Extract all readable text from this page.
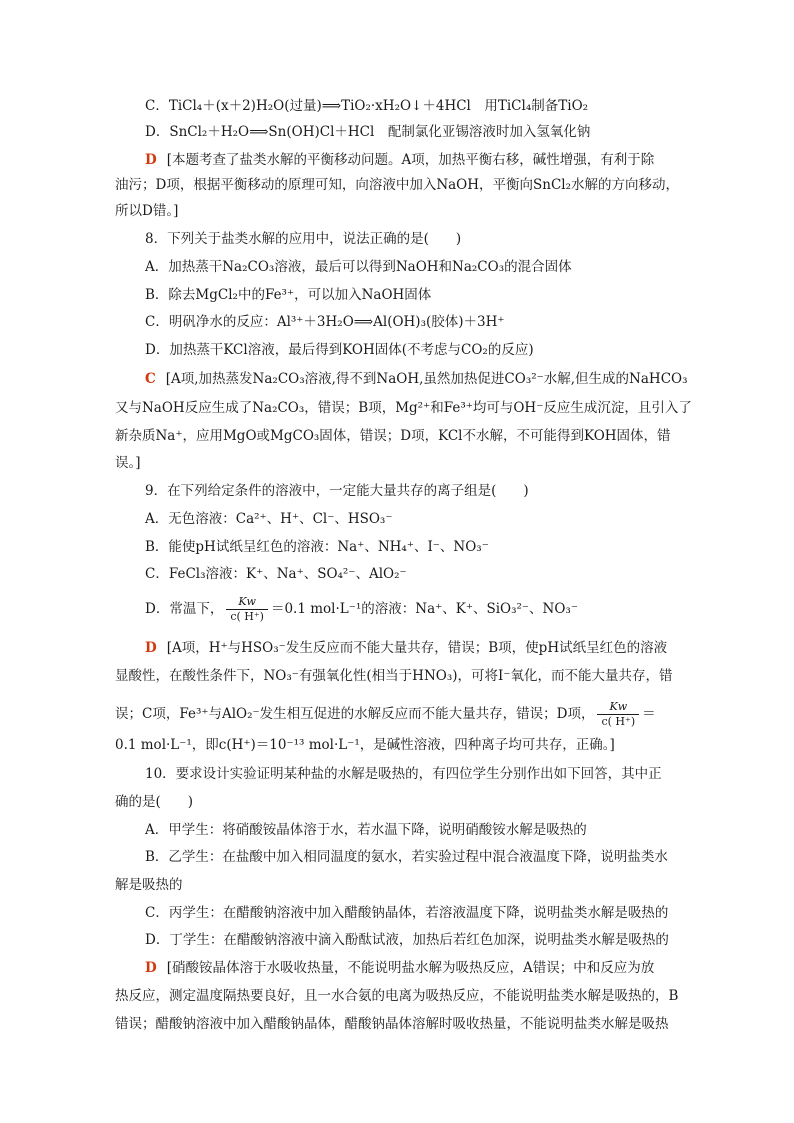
C．TiCl₄＋(x＋2)H₂O(过量)⟹TiO₂·xH₂O↓＋4HCl　用TiCl₄制备TiO₂
D．SnCl₂＋H₂O⟹Sn(OH)Cl＋HCl　配制氯化亚锡溶液时加入氢氧化钠
D [本题考查了盐类水解的平衡移动问题。A项，加热平衡右移，碱性增强，有利于除
油污；D项，根据平衡移动的原理可知，向溶液中加入NaOH，平衡向SnCl₂水解的方向移动，
所以D错。]
8．下列关于盐类水解的应用中，说法正确的是(　　)
A．加热蒸干Na₂CO₃溶液，最后可以得到NaOH和Na₂CO₃的混合固体
B．除去MgCl₂中的Fe³⁺，可以加入NaOH固体
C．明矾净水的反应：Al³⁺＋3H₂O⟹Al(OH)₃(胶体)＋3H⁺
D．加热蒸干KCl溶液，最后得到KOH固体(不考虑与CO₂的反应)
C [A项,加热蒸发Na₂CO₃溶液,得不到NaOH,虽然加热促进CO₃²⁻水解,但生成的NaHCO₃
又与NaOH反应生成了Na₂CO₃，错误；B项，Mg²⁺和Fe³⁺均可与OH⁻反应生成沉淀，且引入了
新杂质Na⁺，应用MgO或MgCO₃固体，错误；D项，KCl不水解，不可能得到KOH固体，错
误。]
9．在下列给定条件的溶液中，一定能大量共存的离子组是(　　)
A．无色溶液：Ca²⁺、H⁺、Cl⁻、HSO₃⁻
B．能使pH试纸呈红色的溶液：Na⁺、NH₄⁺、I⁻、NO₃⁻
C．FeCl₃溶液：K⁺、Na⁺、SO₄²⁻、AlO₂⁻
D．常温下， $\frac{Kw}{c( H^+)} =0.1$ mol·L⁻¹的溶液：Na⁺、K⁺、SiO₃²⁻、NO₃⁻
D [A项，H⁺与HSO₃⁻发生反应而不能大量共存，错误；B项，使pH试纸呈红色的溶液
显酸性，在酸性条件下，NO₃⁻有强氧化性(相当于HNO₃)，可将I⁻氧化，而不能大量共存，错
误；C项，Fe³⁺与AlO₂⁻发生相互促进的水解反应而不能大量共存，错误；D项， $\frac{Kw}{c( H^+)}$ ＝
0.1 mol·L⁻¹，即c(H⁺)＝10⁻¹³ mol·L⁻¹，是碱性溶液，四种离子均可共存，正确。]
10．要求设计实验证明某种盐的水解是吸热的，有四位学生分别作出如下回答，其中正
确的是(　　)
A．甲学生：将硝酸铵晶体溶于水，若水温下降，说明硝酸铵水解是吸热的
B．乙学生：在盐酸中加入相同温度的氨水，若实验过程中混合液温度下降，说明盐类水
解是吸热的
C．丙学生：在醋酸钠溶液中加入醋酸钠晶体，若溶液温度下降，说明盐类水解是吸热的
D．丁学生：在醋酸钠溶液中滴入酚酞试液，加热后若红色加深，说明盐类水解是吸热的
D [硝酸铵晶体溶于水吸收热量，不能说明盐水解为吸热反应，A错误；中和反应为放
热反应，测定温度隔热要良好，且一水合氨的电离为吸热反应，不能说明盐类水解是吸热的，B
错误；醋酸钠溶液中加入醋酸钠晶体，醋酸钠晶体溶解时吸收热量，不能说明盐类水解是吸热
